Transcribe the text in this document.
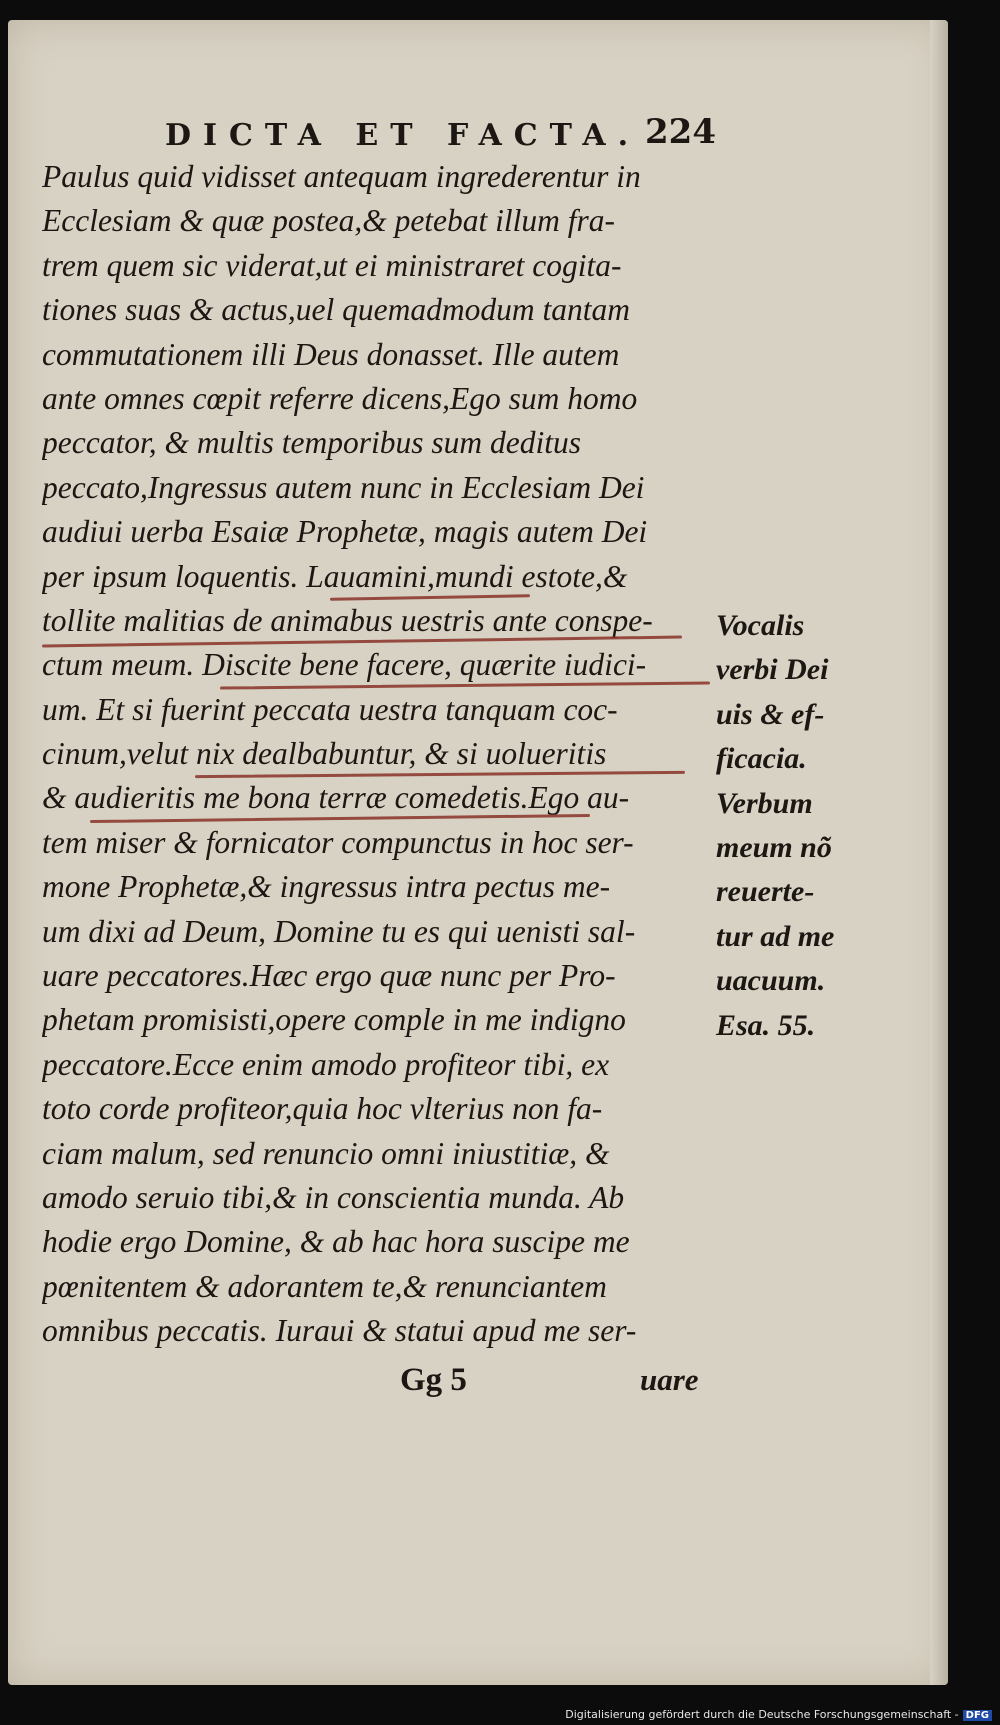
DICTA ET FACTA. 224
Paulus quid vidisset antequam ingrederentur in
Ecclesiam & quæ postea,& petebat illum fra-
trem quem sic viderat,ut ei ministraret cogita-
tiones suas & actus,uel quemadmodum tantam
commutationem illi Deus donasset. Ille autem
ante omnes cœpit referre dicens,Ego sum homo
peccator, & multis temporibus sum deditus
peccato,Ingressus autem nunc in Ecclesiam Dei
audiui uerba Esaiæ Prophetæ, magis autem Dei
per ipsum loquentis. Lauamini,mundi estote,&
tollite malitias de animabus uestris ante conspe-
ctum meum. Discite bene facere, quærite iudici-
um. Et si fuerint peccata uestra tanquam coc-
cinum,velut nix dealbabuntur, & si uolueritis
& audieritis me bona terræ comedetis.Ego au-
tem miser & fornicator compunctus in hoc ser-
mone Prophetæ,& ingressus intra pectus me-
um dixi ad Deum, Domine tu es qui uenisti sal-
uare peccatores.Hæc ergo quæ nunc per Pro-
phetam promisisti,opere comple in me indigno
peccatore.Ecce enim amodo profiteor tibi, ex
toto corde profiteor,quia hoc vlterius non fa-
ciam malum, sed renuncio omni iniustitiæ, &
amodo seruio tibi,& in conscientia munda. Ab
hodie ergo Domine, & ab hac hora suscipe me
pœnitentem & adorantem te,& renunciantem
omnibus peccatis. Iuraui & statui apud me ser-
Vocalis
verbi Dei
uis & ef-
ficacia.
Verbum
meum nõ
reuerte-
tur ad me
uacuum.
Esa. 55.
Gg 5	uare
Digitalisierung gefördert durch die Deutsche Forschungsgemeinschaft - DFG
